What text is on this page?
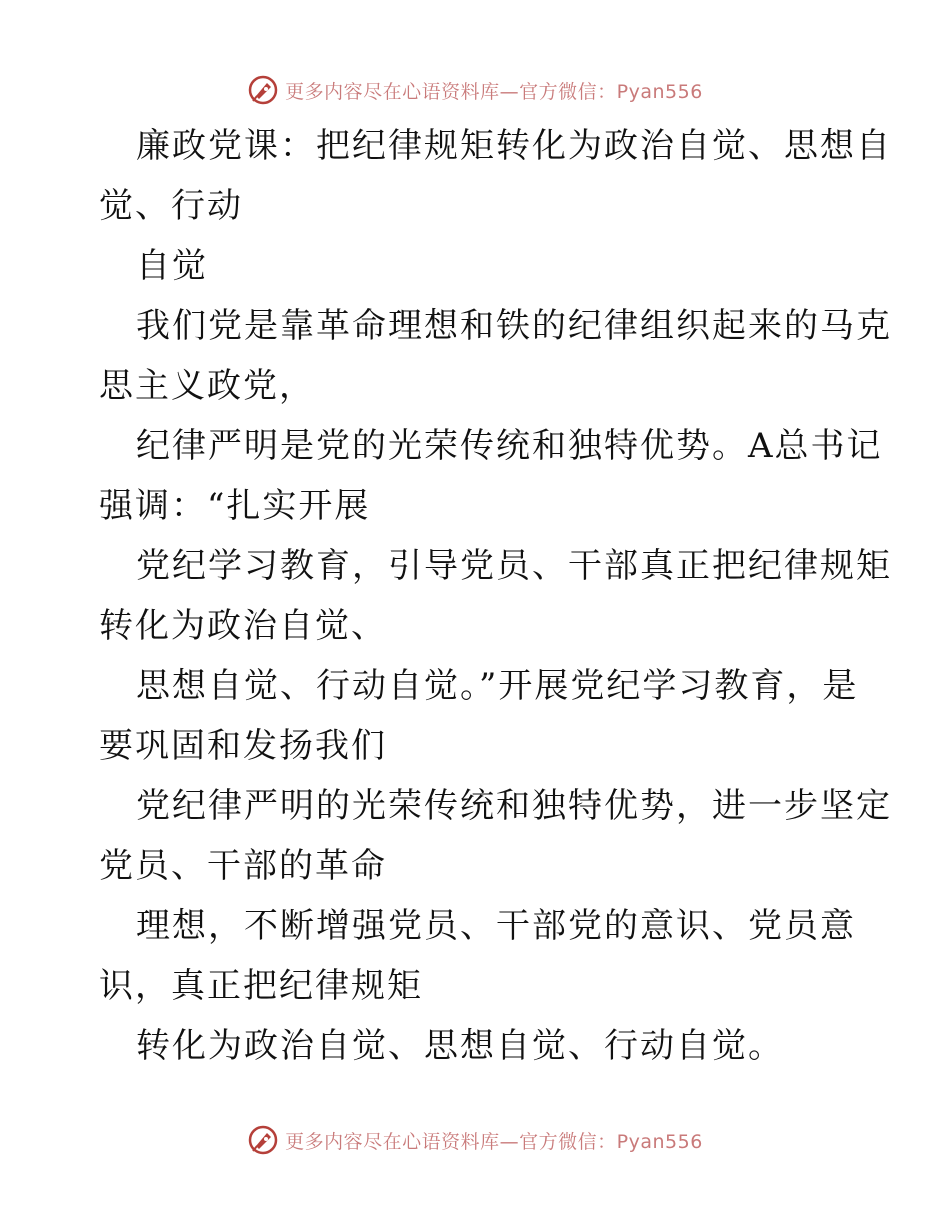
更多内容尽在心语资料库—官方微信：Pyan556
廉政党课：把纪律规矩转化为政治自觉、思想自
觉、行动
自觉
我们党是靠革命理想和铁的纪律组织起来的马克
思主义政党，
纪律严明是党的光荣传统和独特优势。A总书记
强调：“扎实开展
党纪学习教育，引导党员、干部真正把纪律规矩
转化为政治自觉、
思想自觉、行动自觉。”开展党纪学习教育，是
要巩固和发扬我们
党纪律严明的光荣传统和独特优势，进一步坚定
党员、干部的革命
理想，不断增强党员、干部党的意识、党员意
识，真正把纪律规矩
转化为政治自觉、思想自觉、行动自觉。
更多内容尽在心语资料库—官方微信：Pyan556
